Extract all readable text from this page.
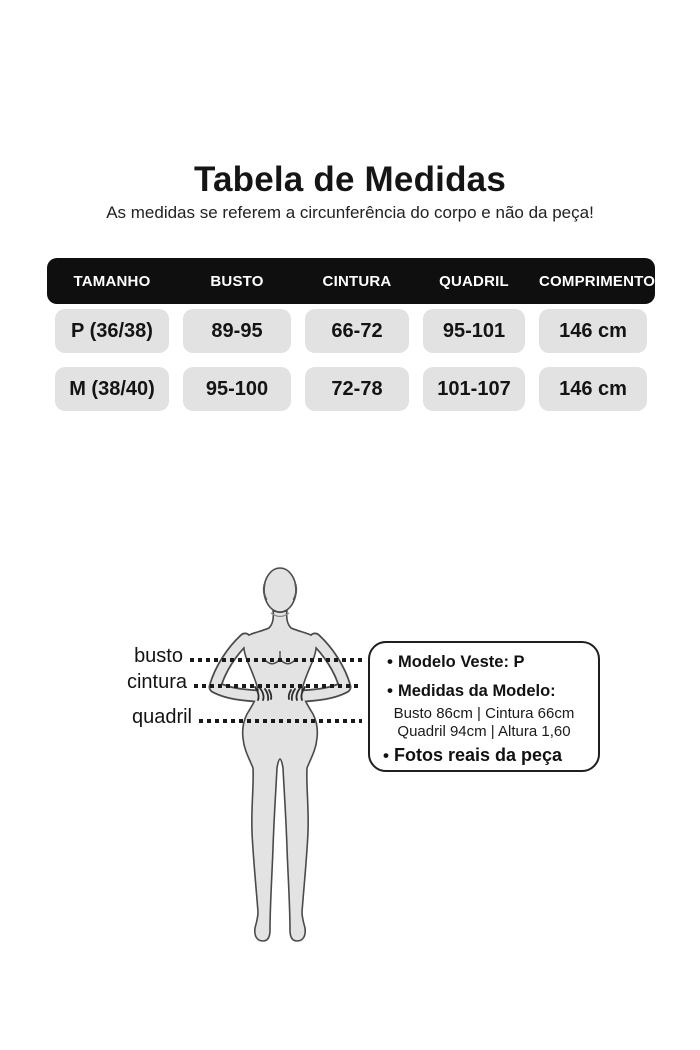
Tabela de Medidas
As medidas se referem a circunferência do corpo e não da peça!
TAMANHO	BUSTO	CINTURA	QUADRIL	COMPRIMENTO
P (36/38)	89-95	66-72	95-101	146 cm
M (38/40)	95-100	72-78	101-107	146 cm
busto
cintura
quadril
• Modelo Veste: P
• Medidas da Modelo:
Busto 86cm | Cintura 66cm
Quadril 94cm | Altura 1,60
• Fotos reais da peça
